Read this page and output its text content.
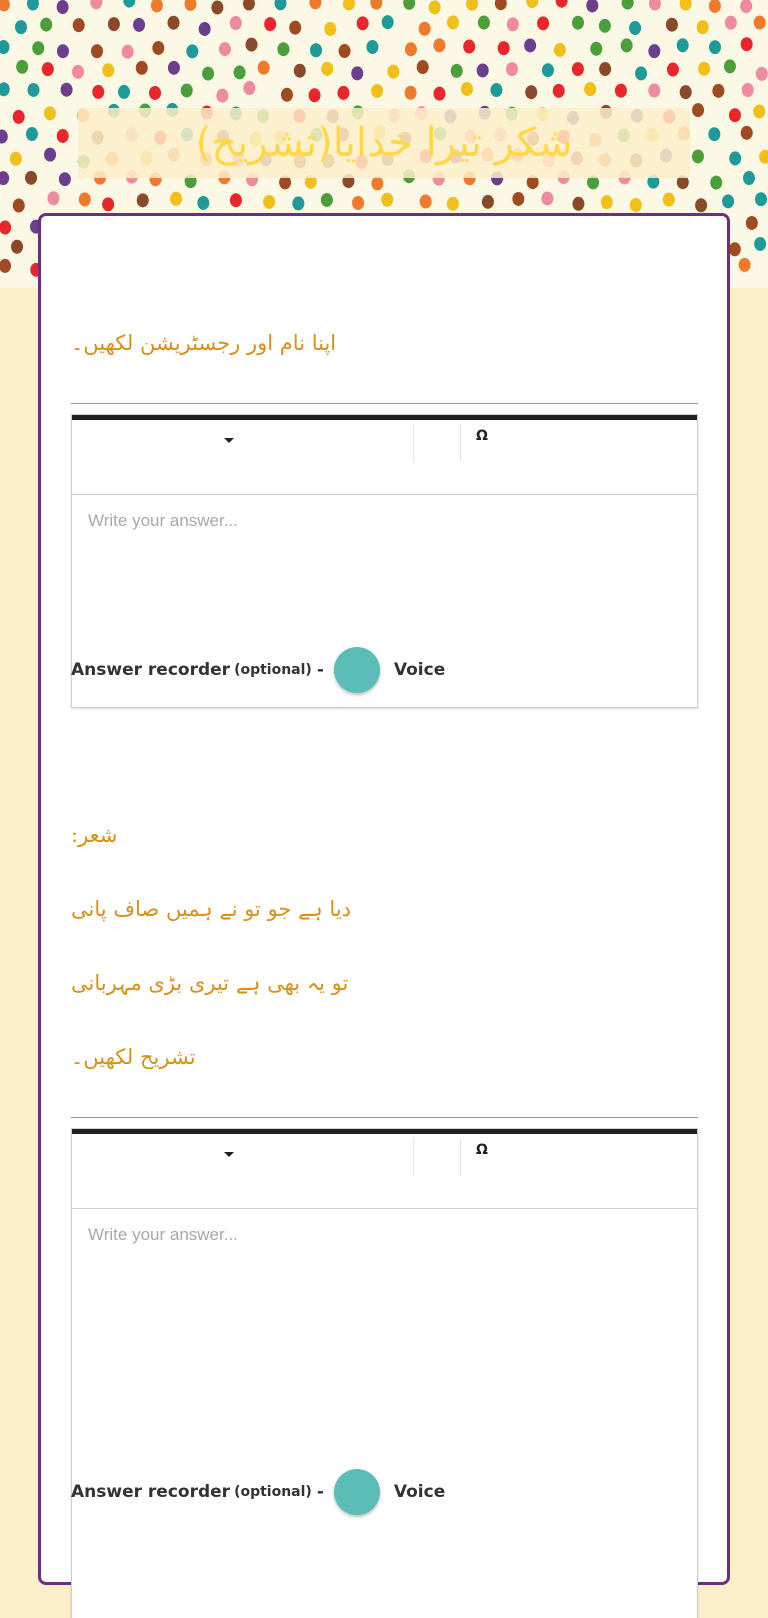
شکر تیرا خدایا(تشریح)

اپنا نام اور رجسٹریشن لکھیں۔

Ω
Write your answer...
Answer recorder (optional) -	Voice

شعر:

دیا ہے جو تو نے ہمیں صاف پانی

تو یہ بھی ہے تیری بڑی مہربانی

تشریح لکھیں۔

Ω
Write your answer...
Answer recorder (optional) -	Voice
